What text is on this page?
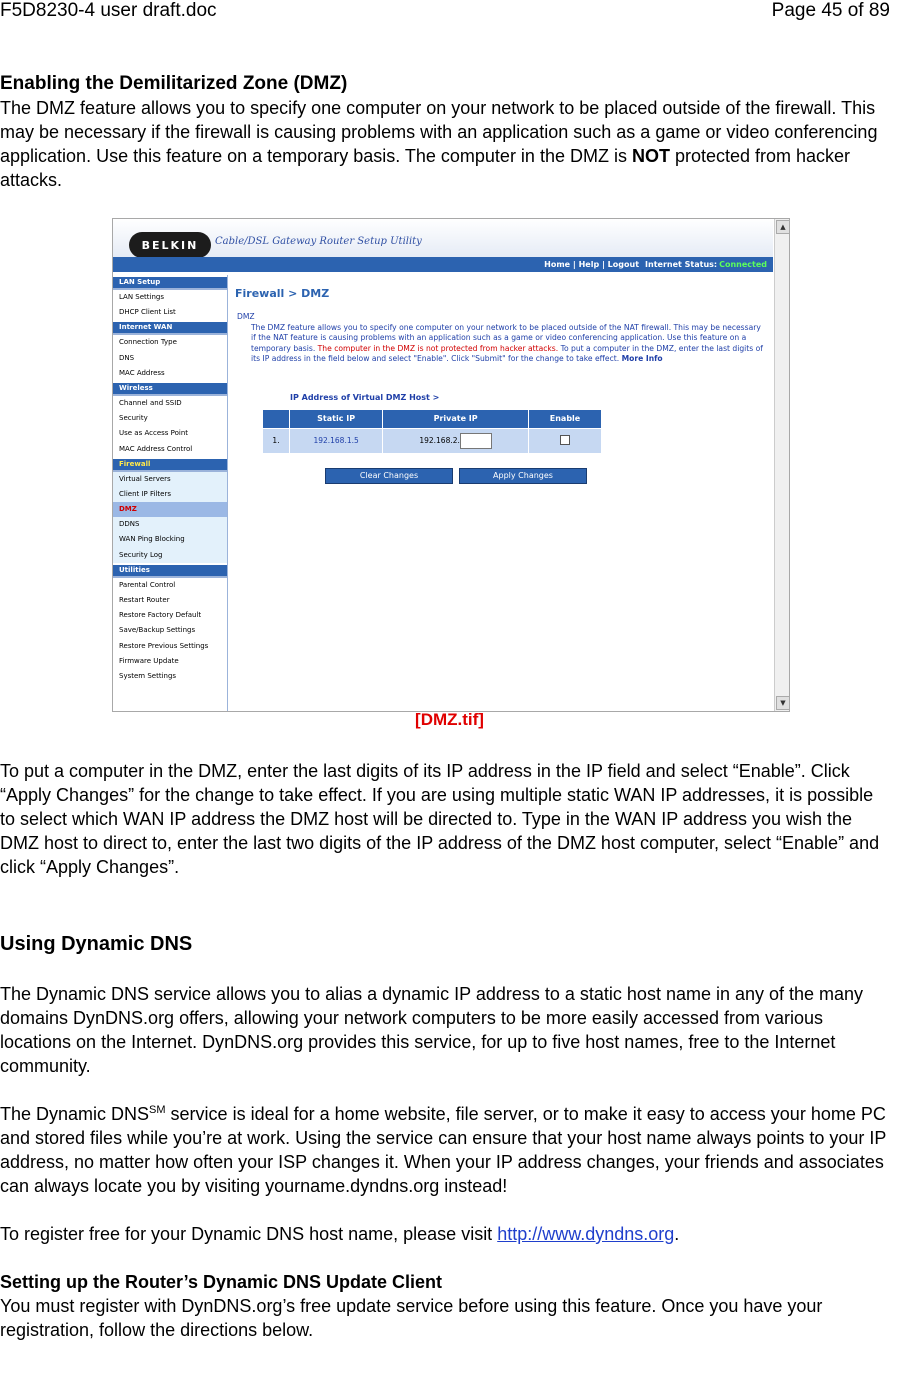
F5D8230-4 user draft.doc	Page 45 of 89
Enabling the Demilitarized Zone (DMZ)

The DMZ feature allows you to specify one computer on your network to be placed outside of the firewall. This may be necessary if the firewall is causing problems with an application such as a game or video conferencing application. Use this feature on a temporary basis. The computer in the DMZ is NOT protected from hacker attacks.

BELKIN	Cable/DSL Gateway Router Setup Utility
Home | Help | Logout Internet Status: Connected
▲
▼
LAN Setup
LAN Settings
DHCP Client List
Internet WAN
Connection Type
DNS
MAC Address
Wireless
Channel and SSID
Security
Use as Access Point
MAC Address Control
Firewall
Virtual Servers
Client IP Filters
DMZ
DDNS
WAN Ping Blocking
Security Log
Utilities
Parental Control
Restart Router
Restore Factory Default
Save/Backup Settings
Restore Previous Settings
Firmware Update
System Settings
Firewall > DMZ
DMZ
The DMZ feature allows you to specify one computer on your network to be placed outside of the NAT firewall. This may be necessary if the NAT feature is causing problems with an application such as a game or video conferencing application. Use this feature on a temporary basis. The computer in the DMZ is not protected from hacker attacks. To put a computer in the DMZ, enter the last digits of its IP address in the field below and select "Enable". Click "Submit" for the change to take effect. More Info
IP Address of Virtual DMZ Host >
	Static IP	Private IP	Enable
1.	192.168.1.5	192.168.2.	
Clear Changes	Apply Changes
[DMZ.tif]

To put a computer in the DMZ, enter the last digits of its IP address in the IP field and select “Enable”. Click “Apply Changes” for the change to take effect. If you are using multiple static WAN IP addresses, it is possible to select which WAN IP address the DMZ host will be directed to. Type in the WAN IP address you wish the DMZ host to direct to, enter the last two digits of the IP address of the DMZ host computer, select “Enable” and click “Apply Changes”.

Using Dynamic DNS

The Dynamic DNS service allows you to alias a dynamic IP address to a static host name in any of the many domains DynDNS.org offers, allowing your network computers to be more easily accessed from various locations on the Internet. DynDNS.org provides this service, for up to five host names, free to the Internet community.

The Dynamic DNS℠ service is ideal for a home website, file server, or to make it easy to access your home PC and stored files while you’re at work. Using the service can ensure that your host name always points to your IP address, no matter how often your ISP changes it. When your IP address changes, your friends and associates can always locate you by visiting yourname.dyndns.org instead!

To register free for your Dynamic DNS host name, please visit http://www.dyndns.org.

Setting up the Router’s Dynamic DNS Update Client

You must register with DynDNS.org’s free update service before using this feature. Once you have your registration, follow the directions below.
